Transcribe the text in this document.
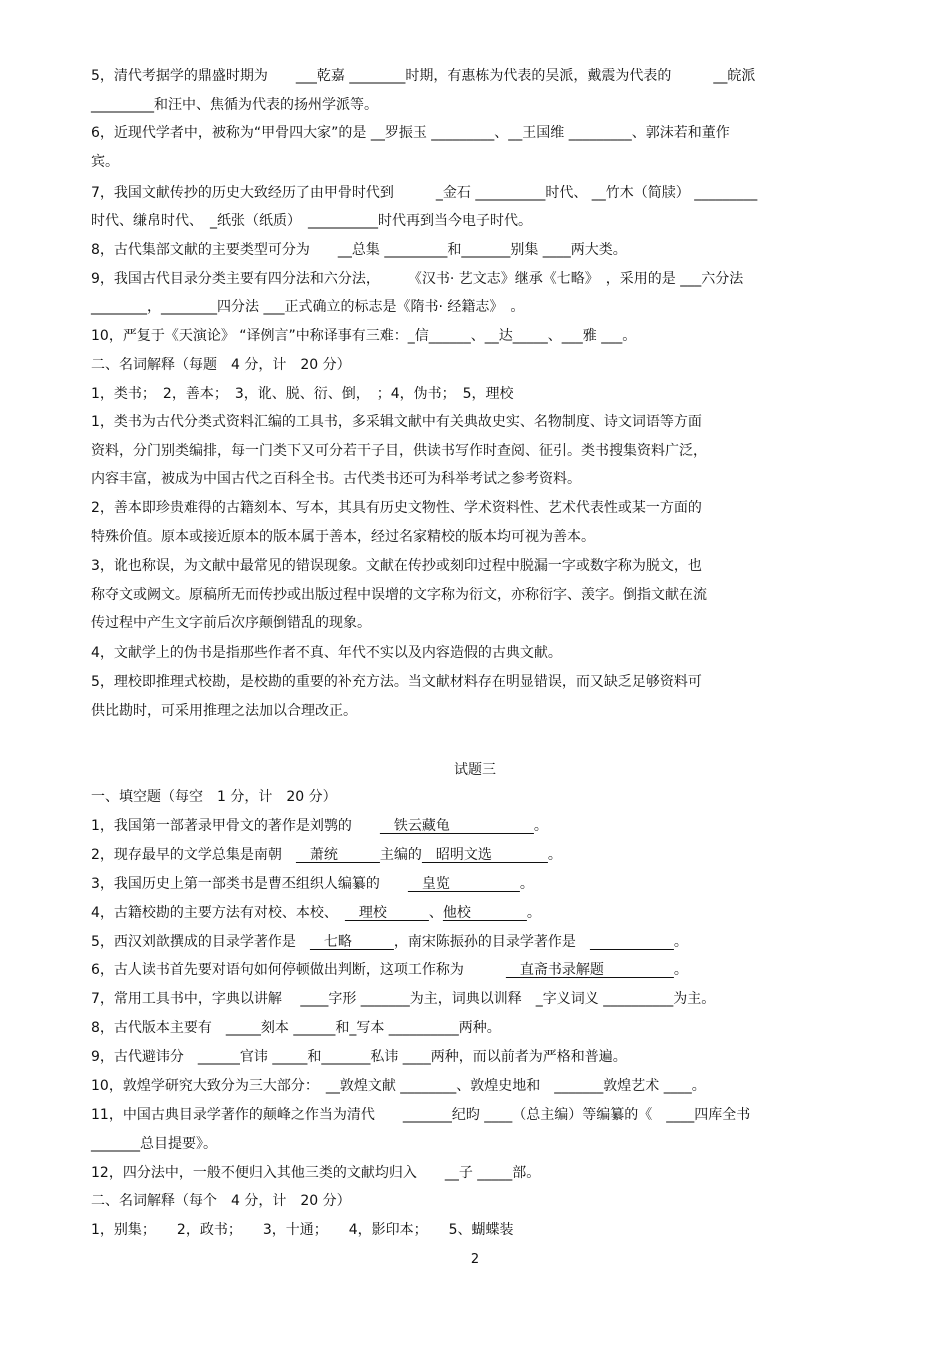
5，清代考据学的鼎盛时期为　　___乾嘉 ________时期，有惠栋为代表的吴派，戴震为代表的　　　__皖派
_________和汪中、焦循为代表的扬州学派等。
6，近现代学者中，被称为“甲骨四大家”的是 __罗振玉 _________、__王国维 _________、郭沫若和董作
宾。
7，我国文献传抄的历史大致经历了由甲骨时代到　　　_金石 __________时代、 __竹木（简牍） _________
时代、缣帛时代、　_纸张（纸质）　__________时代再到当今电子时代。
8，古代集部文献的主要类型可分为　　__总集 _________和_______别集 ____两大类。
9，我国古代目录分类主要有四分法和六分法，　　　《汉书· 艺文志》继承《七略》　，采用的是 ___六分法
________，________四分法 ___正式确立的标志是《隋书· 经籍志》　。
10，严复于《天演论》 “译例言”中称译事有三难：_信______、__达_____、___雅 ___。
二、名词解释（每题　4 分，计　20 分）
1，类书；　2，善本；　3，讹、脱、衍、倒，　；4，伪书；　5，理校
1，类书为古代分类式资料汇编的工具书，多采辑文献中有关典故史实、名物制度、诗文词语等方面
资料，分门别类编排，每一门类下又可分若干子目，供读书写作时查阅、征引。类书搜集资料广泛，
内容丰富，被成为中国古代之百科全书。古代类书还可为科举考试之参考资料。
2，善本即珍贵难得的古籍刻本、写本，其具有历史文物性、学术资料性、艺术代表性或某一方面的
特殊价值。原本或接近原本的版本属于善本，经过名家精校的版本均可视为善本。
3，讹也称误，为文献中最常见的错误现象。文献在传抄或刻印过程中脱漏一字或数字称为脱文，也
称夺文或阙文。原稿所无而传抄或出版过程中误增的文字称为衍文，亦称衍字、羡字。倒指文献在流
传过程中产生文字前后次序颠倒错乱的现象。
4，文献学上的伪书是指那些作者不真、年代不实以及内容造假的古典文献。
5，理校即推理式校勘，是校勘的重要的补充方法。当文献材料存在明显错误，而又缺乏足够资料可
供比勘时，可采用推理之法加以合理改正。
试题三
一、填空题（每空　1 分，计　20 分）
1，我国第一部著录甲骨文的著作是刘鹗的　　　铁云藏龟　　　　　　。
2，现存最早的文学总集是南朝　　萧统　　　主编的　昭明文选　　　　。
3，我国历史上第一部类书是曹丕组织人编纂的　　　皇览　　　　　。
4，古籍校勘的主要方法有对校、本校、　　理校　　　、他校　　　　。
5，西汉刘歆撰成的目录学著作是　　七略　　　，南宋陈振孙的目录学著作是　　　　　　　	。
6，古人读书首先要对语句如何停顿做出判断，这项工作称为　　　　直斋书录解题　　　　　。
7，常用工具书中，字典以讲解　 ____字形 _______为主，词典以训释　_字义词义 __________为主。
8，古代版本主要有　_____刻本 ______和_写本 __________两种。
9，古代避讳分　______官讳 _____和_______私讳 ____两种，而以前者为严格和普遍。
10，敦煌学研究大致分为三大部分：　__敦煌文献 ________、敦煌史地和　_______敦煌艺术 ____。
11，中国古典目录学著作的颠峰之作当为清代　　_______纪昀 ____（总主编）等编纂的《　____四库全书
_______总目提要》。
12，四分法中，一般不便归入其他三类的文献均归入　　__子 _____部。
二、名词解释（每个　4 分，计　20 分）
1，别集；　　2，政书；　　3，十通；　　4，影印本；　　5、蝴蝶装
2
